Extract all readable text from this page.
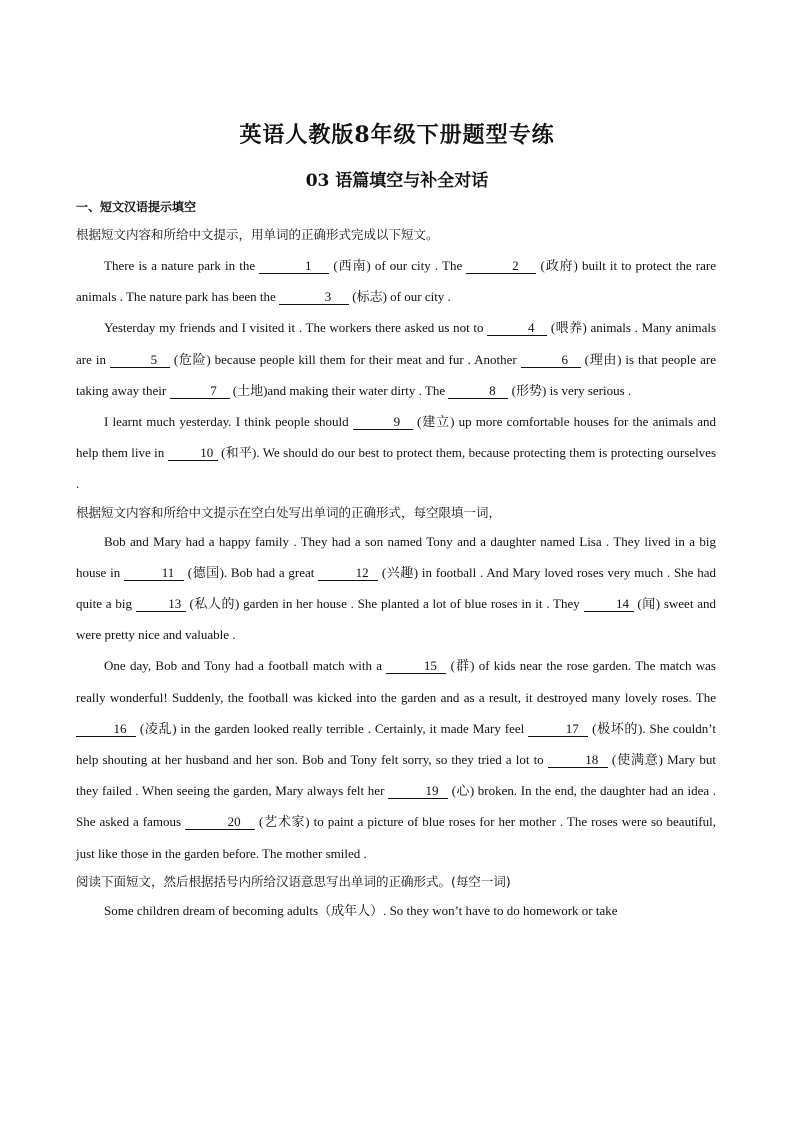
英语人教版8年级下册题型专练
03 语篇填空与补全对话
一、短文汉语提示填空

根据短文内容和所给中文提示，用单词的正确形式完成以下短文。

There is a nature park in the	1 (西南) of our city . The	2 (政府) built it to protect the rare animals . The nature park has been the	3 (标志) of our city .

Yesterday my friends and I visited it . The workers there asked us not to	4 (喂养) animals . Many animals are in	5 (危险) because people kill them for their meat and fur . Another	6 (理由) is that people are taking away their	7 (土地)and making their water dirty . The	8 (形势) is very serious .

I learnt much yesterday. I think people should	9 (建立) up more comfortable houses for the animals and help them live in	10 (和平). We should do our best to protect them, because protecting them is protecting ourselves .

根据短文内容和所给中文提示在空白处写出单词的正确形式，每空限填一词，

Bob and Mary had a happy family . They had a son named Tony and a daughter named Lisa . They lived in a big house in	11 (德国). Bob had a great	12 (兴趣) in football . And Mary loved roses very much . She had quite a big	13 (私人的) garden in her house . She planted a lot of blue roses in it . They	14 (闻) sweet and were pretty nice and valuable .

One day, Bob and Tony had a football match with a	15 (群) of kids near the rose garden. The match was really wonderful! Suddenly, the football was kicked into the garden and as a result, it destroyed many lovely roses. The 16 (凌乱) in the garden looked really terrible . Certainly, it made Mary feel	17 (极坏的). She couldn’t help shouting at her husband and her son. Bob and Tony felt sorry, so they tried a lot to	18 (使满意) Mary but they failed . When seeing the garden, Mary always felt her	19 (心) broken. In the end, the daughter had an idea . She asked a famous	20 (艺术家) to paint a picture of blue roses for her mother . The roses were so beautiful, just like those in the garden before. The mother smiled .

阅读下面短文，然后根据括号内所给汉语意思写出单词的正确形式。(每空一词)

Some children dream of becoming adults（成年人）. So they won’t have to do homework or take
